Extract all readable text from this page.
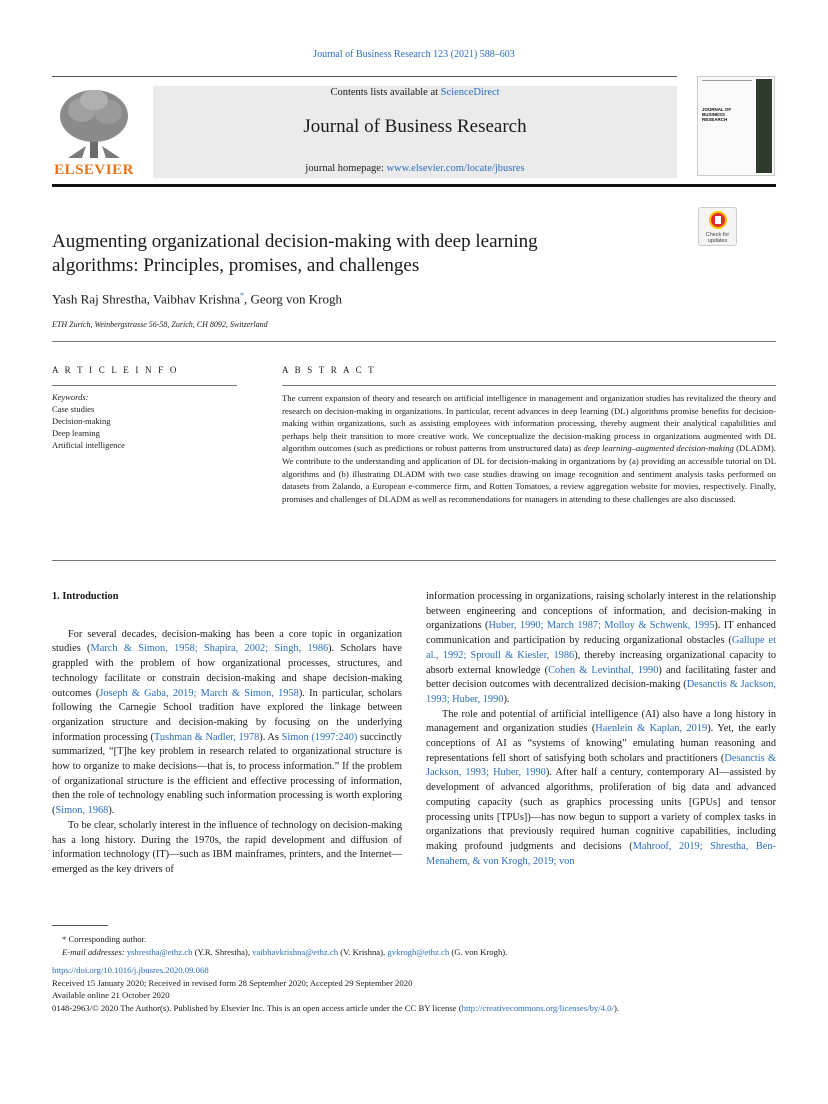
Journal of Business Research 123 (2021) 588–603
ELSEVIER
Contents lists available at ScienceDirect
Journal of Business Research
journal homepage: www.elsevier.com/locate/jbusres
JOURNAL OF
BUSINESS
RESEARCH
Check for
updates
Augmenting organizational decision-making with deep learning
algorithms: Principles, promises, and challenges
Yash Raj Shrestha, Vaibhav Krishna*, Georg von Krogh
ETH Zurich, Weinbergstrasse 56-58, Zurich, CH 8092, Switzerland
A R T I C L E I N F O
Keywords:
Case studies
Decision-making
Deep learning
Artificial intelligence
A B S T R A C T
The current expansion of theory and research on artificial intelligence in management and organization studies has revitalized the theory and research on decision-making in organizations. In particular, recent advances in deep learning (DL) algorithms promise benefits for decision-making within organizations, such as assisting employees with information processing, thereby augment their analytical capabilities and perhaps help their transition to more creative work. We conceptualize the decision-making process in organizations augmented with DL algorithm outcomes (such as predictions or robust patterns from unstructured data) as deep learning–augmented decision-making (DLADM). We contribute to the understanding and application of DL for decision-making in organizations by (a) providing an accessible tutorial on DL algorithms and (b) illustrating DLADM with two case studies drawing on image recognition and sentiment analysis tasks performed on datasets from Zalando, a European e-commerce firm, and Rotten Tomatoes, a review aggregation website for movies, respectively. Finally, promises and challenges of DLADM as well as recommendations for managers in attending to these challenges are also discussed.

1. Introduction

For several decades, decision-making has been a core topic in organization studies (March & Simon, 1958; Shapira, 2002; Singh, 1986). Scholars have grappled with the problem of how organizational processes, structures, and technology facilitate or constrain decision-making and shape decision-making outcomes (Joseph & Gaba, 2019; March & Simon, 1958). In particular, scholars following the Carnegie School tradition have explored the linkage between organization structure and decision-making by focusing on the underlying information processing (Tushman & Nadler, 1978). As Simon (1997:240) succinctly summarized, “[T]he key problem in research related to organizational structure is how to organize to make decisions—that is, to process information.” If the problem of organizational structure is the efficient and effective processing of information, then the role of technology enabling such information processing is worth exploring (Simon, 1968).

To be clear, scholarly interest in the influence of technology on decision-making has a long history. During the 1970s, the rapid development and diffusion of information technology (IT)—such as IBM mainframes, printers, and the Internet—emerged as the key drivers of

information processing in organizations, raising scholarly interest in the relationship between engineering and conceptions of information, and decision-making in organizations (Huber, 1990; March 1987; Molloy & Schwenk, 1995). IT enhanced communication and participation by reducing organizational obstacles (Gallupe et al., 1992; Sproull & Kiesler, 1986), thereby increasing organizational capacity to absorb external knowledge (Cohen & Levinthal, 1990) and facilitating faster and better decision outcomes with decentralized decision-making (Desanctis & Jackson, 1993; Huber, 1990).

The role and potential of artificial intelligence (AI) also have a long history in management and organization studies (Haenlein & Kaplan, 2019). Yet, the early conceptions of AI as “systems of knowing” emulating human reasoning and representations fell short of satisfying both scholars and practitioners (Desanctis & Jackson, 1993; Huber, 1990). After half a century, contemporary AI—assisted by development of advanced algorithms, proliferation of big data and advanced computing capacity (such as graphics processing units [GPUs] and tensor processing units [TPUs])—has now begun to support a variety of complex tasks in organizations that previously required human cognitive capabilities, including making profound judgments and decisions (Mahroof, 2019; Shrestha, Ben-Menahem, & von Krogh, 2019; von

* Corresponding author.
E-mail addresses: yshrestha@ethz.ch (Y.R. Shrestha), vaibhavkrishna@ethz.ch (V. Krishna), gvkrogh@ethz.ch (G. von Krogh).
https://doi.org/10.1016/j.jbusres.2020.09.068
Received 15 January 2020; Received in revised form 28 September 2020; Accepted 29 September 2020
Available online 21 October 2020
0148-2963/© 2020 The Author(s). Published by Elsevier Inc. This is an open access article under the CC BY license (http://creativecommons.org/licenses/by/4.0/).
